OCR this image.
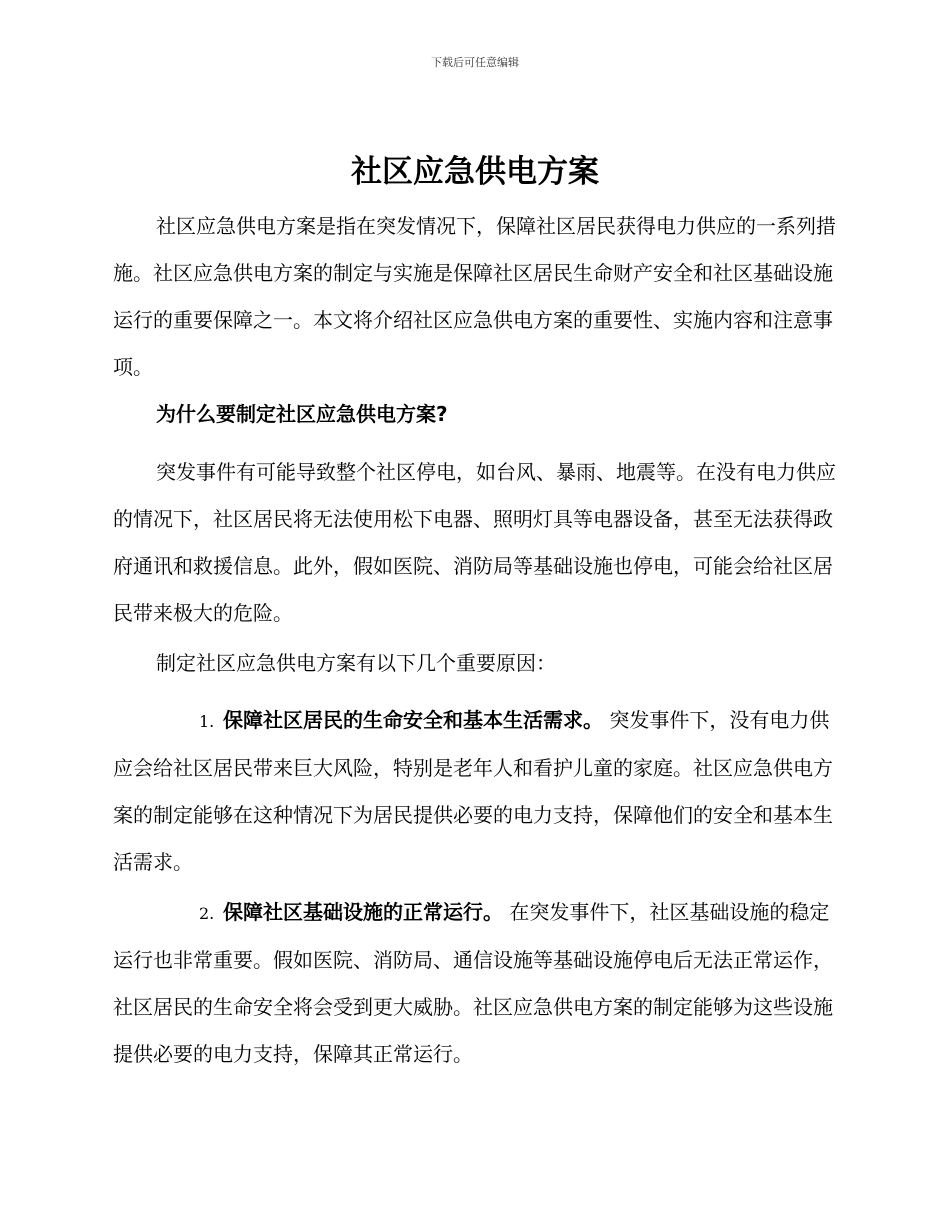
下载后可任意编辑
社区应急供电方案

社区应急供电方案是指在突发情况下，保障社区居民获得电力供应的一系列措施。社区应急供电方案的制定与实施是保障社区居民生命财产安全和社区基础设施运行的重要保障之一。本文将介绍社区应急供电方案的重要性、实施内容和注意事项。

为什么要制定社区应急供电方案?

突发事件有可能导致整个社区停电，如台风、暴雨、地震等。在没有电力供应的情况下，社区居民将无法使用松下电器、照明灯具等电器设备，甚至无法获得政府通讯和救援信息。此外，假如医院、消防局等基础设施也停电，可能会给社区居民带来极大的危险。

制定社区应急供电方案有以下几个重要原因：

1. 保障社区居民的生命安全和基本生活需求。 突发事件下，没有电力供应会给社区居民带来巨大风险，特别是老年人和看护儿童的家庭。社区应急供电方案的制定能够在这种情况下为居民提供必要的电力支持，保障他们的安全和基本生活需求。

2. 保障社区基础设施的正常运行。 在突发事件下，社区基础设施的稳定运行也非常重要。假如医院、消防局、通信设施等基础设施停电后无法正常运作，社区居民的生命安全将会受到更大威胁。社区应急供电方案的制定能够为这些设施提供必要的电力支持，保障其正常运行。
